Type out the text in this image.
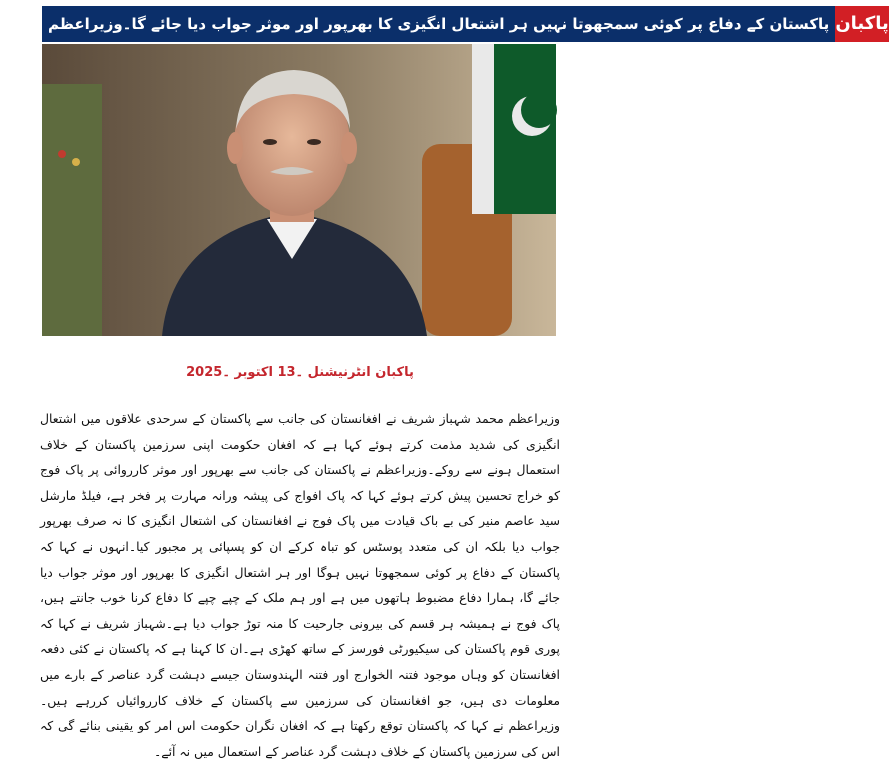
پاکستان کے دفاع پر کوئی سمجھوتا نہیں ہر اشتعال انگیزی کا بھرپور اور موثر جواب دیا جائے گا۔وزیراعظم پاکبان
پاکبان انٹرنیشنل ۔13 اکتوبر ۔2025
وزیراعظم محمد شہباز شریف نے افغانستان کی جانب سے پاکستان کے سرحدی علاقوں میں اشتعال انگیزی کی شدید مذمت کرتے ہوئے کہا ہے کہ افغان حکومت اپنی سرزمین پاکستان کے خلاف استعمال ہونے سے روکے۔وزیراعظم نے پاکستان کی جانب سے بھرپور اور موثر کارروائی پر پاک فوج کو خراج تحسین پیش کرتے ہوئے کہا کہ پاک افواج کی پیشہ ورانہ مہارت پر فخر ہے، فیلڈ مارشل سید عاصم منیر کی بے باک قیادت میں پاک فوج نے افغانستان کی اشتعال انگیزی کا نہ صرف بھرپور جواب دیا بلکہ ان کی متعدد پوسٹس کو تباہ کرکے ان کو پسپائی پر مجبور کیا۔انہوں نے کہا کہ پاکستان کے دفاع پر کوئی سمجھوتا نہیں ہوگا اور ہر اشتعال انگیزی کا بھرپور اور موثر جواب دیا جائے گا، ہمارا دفاع مضبوط ہاتھوں میں ہے اور ہم ملک کے چپے چپے کا دفاع کرنا خوب جانتے ہیں، پاک فوج نے ہمیشہ ہر قسم کی بیرونی جارحیت کا منہ توڑ جواب دیا ہے۔شہباز شریف نے کہا کہ پوری قوم پاکستان کی سیکیورٹی فورسز کے ساتھ کھڑی ہے۔ان کا کہنا ہے کہ پاکستان نے کئی دفعہ افغانستان کو وہاں موجود فتنہ الخوارج اور فتنہ الہندوستان جیسے دہشت گرد عناصر کے بارے میں معلومات دی ہیں، جو افغانستان کی سرزمین سے پاکستان کے خلاف کارروائیاں کررہے ہیں۔وزیراعظم نے کہا کہ پاکستان توقع رکھتا ہے کہ افغان نگران حکومت اس امر کو یقینی بنائے گی کہ اس کی سرزمین پاکستان کے خلاف دہشت گرد عناصر کے استعمال میں نہ آئے۔
